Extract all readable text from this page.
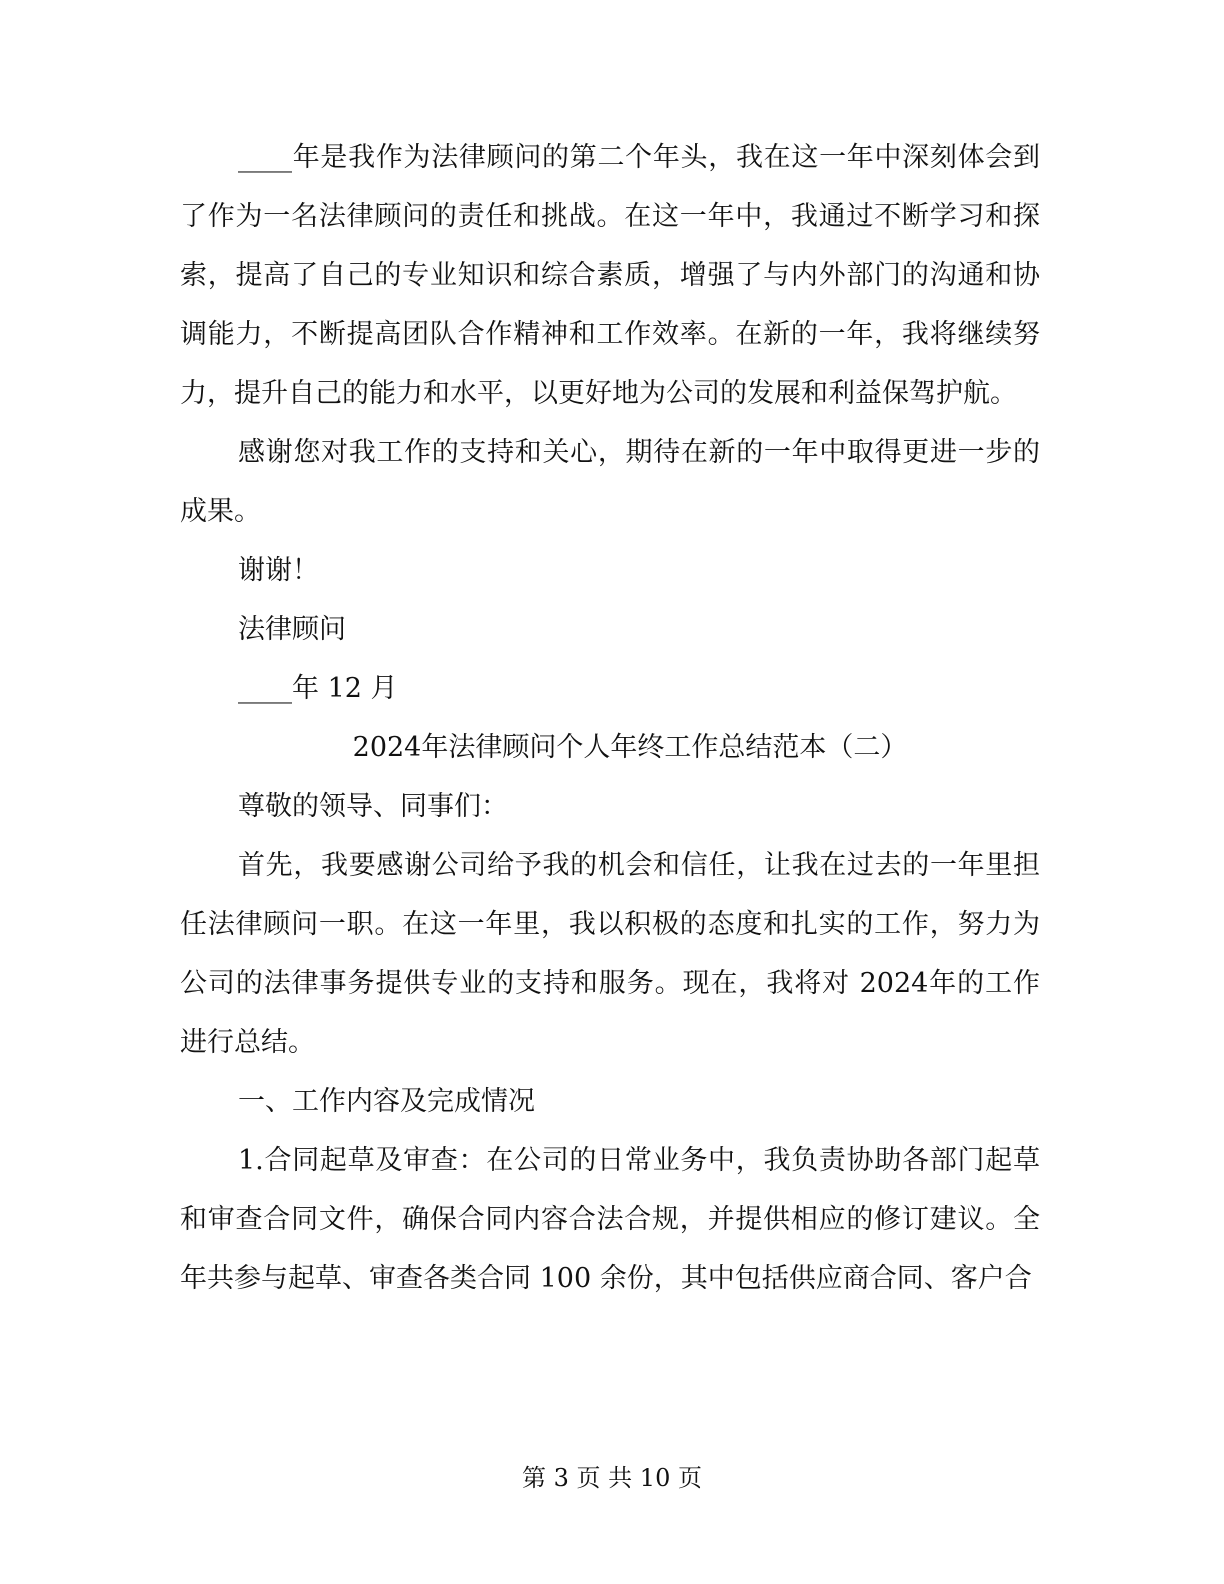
____年是我作为法律顾问的第二个年头，我在这一年中深刻体会到了作为一名法律顾问的责任和挑战。在这一年中，我通过不断学习和探索，提高了自己的专业知识和综合素质，增强了与内外部门的沟通和协调能力，不断提高团队合作精神和工作效率。在新的一年，我将继续努力，提升自己的能力和水平，以更好地为公司的发展和利益保驾护航。

感谢您对我工作的支持和关心，期待在新的一年中取得更进一步的成果。

谢谢！

法律顾问

____年 12 月

2024年法律顾问个人年终工作总结范本（二）

尊敬的领导、同事们：

首先，我要感谢公司给予我的机会和信任，让我在过去的一年里担任法律顾问一职。在这一年里，我以积极的态度和扎实的工作，努力为公司的法律事务提供专业的支持和服务。现在，我将对 2024年的工作进行总结。

一、工作内容及完成情况

1.合同起草及审查：在公司的日常业务中，我负责协助各部门起草和审查合同文件，确保合同内容合法合规，并提供相应的修订建议。全年共参与起草、审查各类合同 100 余份，其中包括供应商合同、客户合

第 3 页 共 10 页
